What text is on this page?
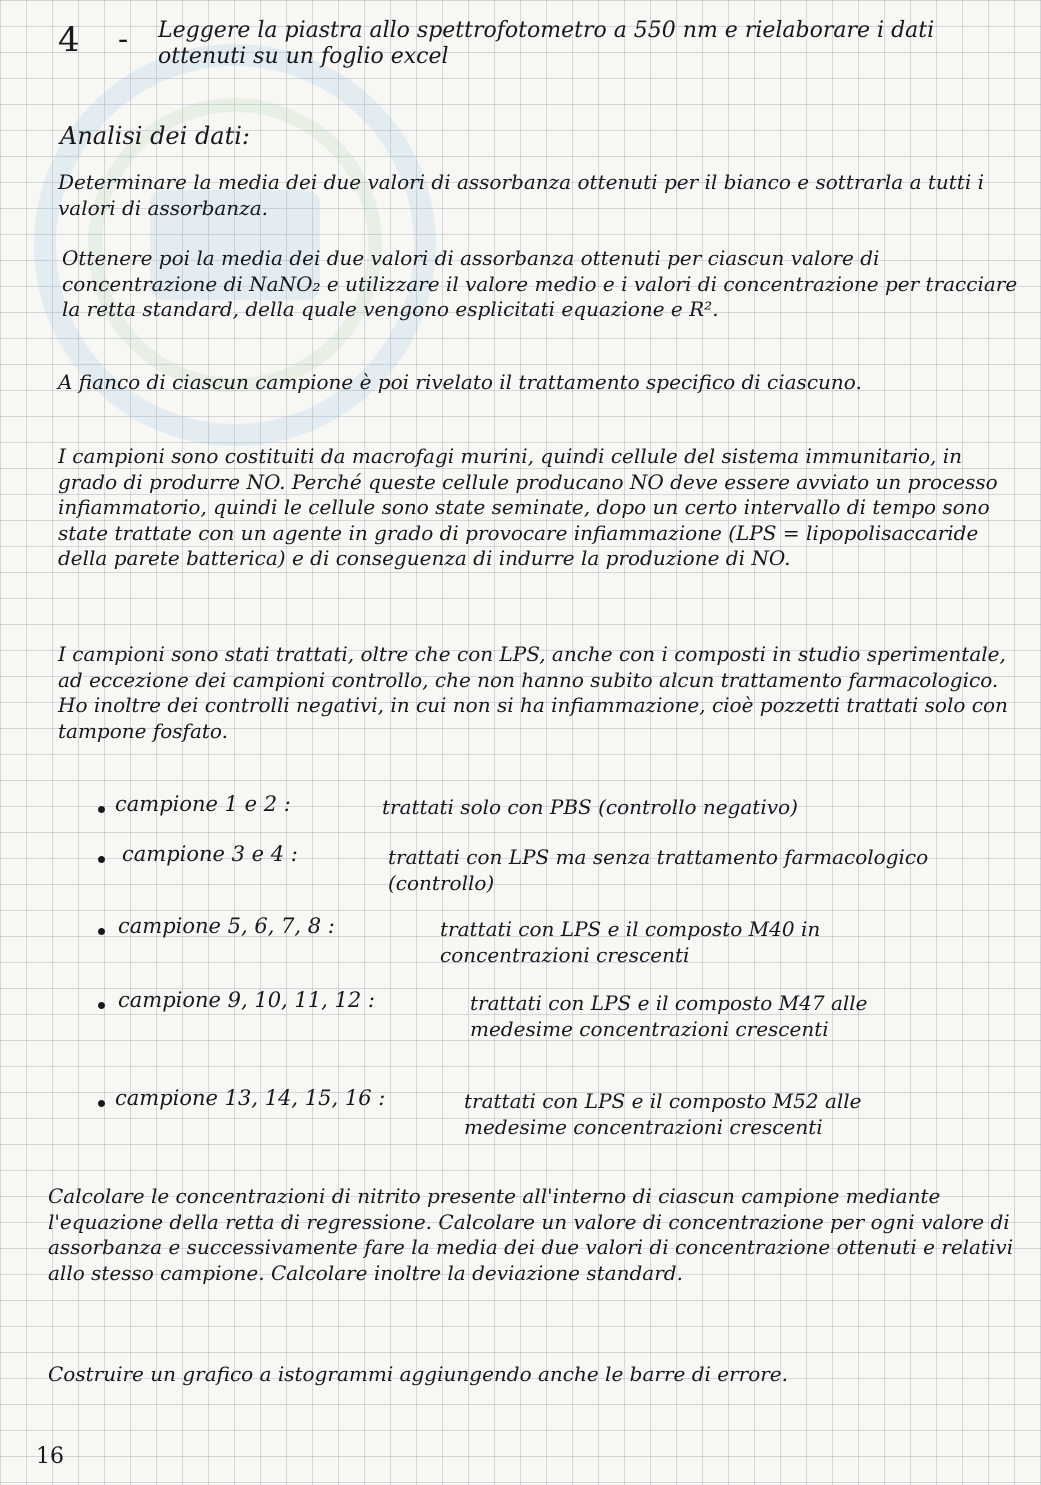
4 - Leggere la piastra allo spettrofotometro a 550 nm e rielaborare i dati ottenuti su un foglio excel

Analisi dei dati:

Determinare la media dei due valori di assorbanza ottenuti per il bianco e sottrarla a tutti i valori di assorbanza.

Ottenere poi la media dei due valori di assorbanza ottenuti per ciascun valore di concentrazione di NaNO₂ e utilizzare il valore medio e i valori di concentrazione per tracciare la retta standard, della quale vengono esplicitati equazione e R².

A fianco di ciascun campione è poi rivelato il trattamento specifico di ciascuno.

I campioni sono costituiti da macrofagi murini, quindi cellule del sistema immunitario, in grado di produrre NO. Perché queste cellule producano NO deve essere avviato un processo infiammatorio, quindi le cellule sono state seminate, dopo un certo intervallo di tempo sono state trattate con un agente in grado di provocare infiammazione (LPS = lipopolisaccaride della parete batterica) e di conseguenza di indurre la produzione di NO.

I campioni sono stati trattati, oltre che con LPS, anche con i composti in studio sperimentale, ad eccezione dei campioni controllo, che non hanno subito alcun trattamento farmacologico. Ho inoltre dei controlli negativi, in cui non si ha infiammazione, cioè pozzetti trattati solo con tampone fosfato.

campione 1 e 2 :	trattati solo con PBS (controllo negativo)

campione 3 e 4 :	trattati con LPS ma senza trattamento farmacologico (controllo)

campione 5, 6, 7, 8 :	trattati con LPS e il composto M40 in concentrazioni crescenti

campione 9, 10, 11, 12 :	trattati con LPS e il composto M47 alle medesime concentrazioni crescenti

campione 13, 14, 15, 16 :	trattati con LPS e il composto M52 alle medesime concentrazioni crescenti

Calcolare le concentrazioni di nitrito presente all'interno di ciascun campione mediante l'equazione della retta di regressione. Calcolare un valore di concentrazione per ogni valore di assorbanza e successivamente fare la media dei due valori di concentrazione ottenuti e relativi allo stesso campione. Calcolare inoltre la deviazione standard.

Costruire un grafico a istogrammi aggiungendo anche le barre di errore.

16
